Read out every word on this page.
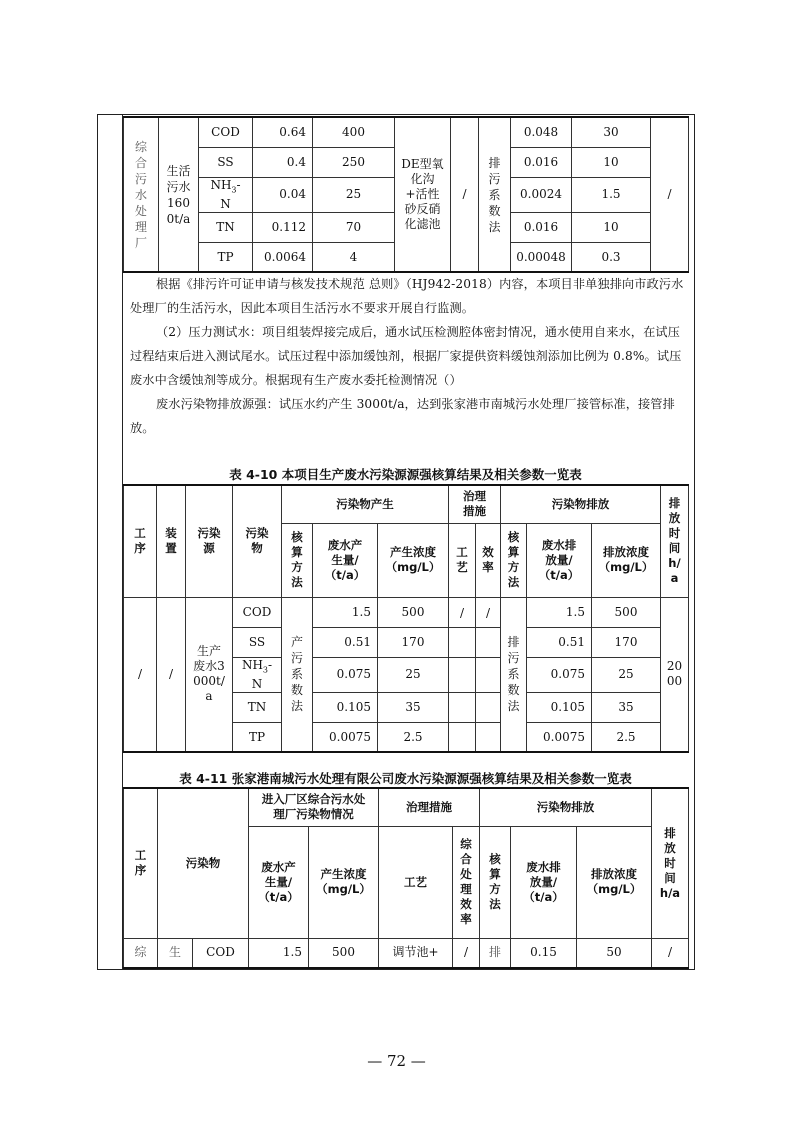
综合污水处理厂	生活污水1600t/a	COD	0.64	400	DE型氧化沟+活性砂反硝化滤池	/	排污系数法	0.048	30	/
		SS	0.4	250				0.016	10	
		$NH_3-$
N	0.04	25				0.0024	1.5	
		TN	0.112	70				0.016	10	
		TP	0.0064	4				0.00048	0.3	
根据《排污许可证申请与核发技术规范 总则》（HJ942-2018）内容，本项目非单独排向市政污水处理厂的生活污水，因此本项目生活污水不要求开展自行监测。
（2）压力测试水：项目组装焊接完成后，通水试压检测腔体密封情况，通水使用自来水，在试压过程结束后进入测试尾水。试压过程中添加缓蚀剂，根据厂家提供资料缓蚀剂添加比例为 0.8%。试压废水中含缓蚀剂等成分。根据现有生产废水委托检测情况（）
废水污染物排放源强：试压水约产生 3000t/a，达到张家港市南城污水处理厂接管标准，接管排放。
表 4-10 本项目生产废水污染源源强核算结果及相关参数一览表
工序	装置	污染源	污染物	污染物产生			治理措施		污染物排放			排放时间h/a

				核算方法	废水产生量/（t/a）	产生浓度（mg/L）	工艺	效率	核算方法	废水排放量/（t/a）	排放浓度（mg/L）	

/	/	生产废水3000t/a	COD	产污系数法	1.5	500	/	/	排污系数法	1.5	500	2000

			SS		0.51	170				0.51	170	
			$NH_3-$
N		0.075	25				0.075	25	
			TN		0.105	35				0.105	35	
			TP		0.0075	2.5				0.0075	2.5	
表 4-11 张家港南城污水处理有限公司废水污染源源强核算结果及相关参数一览表
工序	污染物		进入厂区综合污水处理厂污染物情况		治理措施		污染物排放			排放时间h/a

			废水产生量/（t/a）	产生浓度（mg/L）	工艺	综合处理效率	核算方法	废水排放量/（t/a）	排放浓度（mg/L）	

综	生	COD	1.5	500	调节池+	/	排	0.15	50	/
— 72 —
